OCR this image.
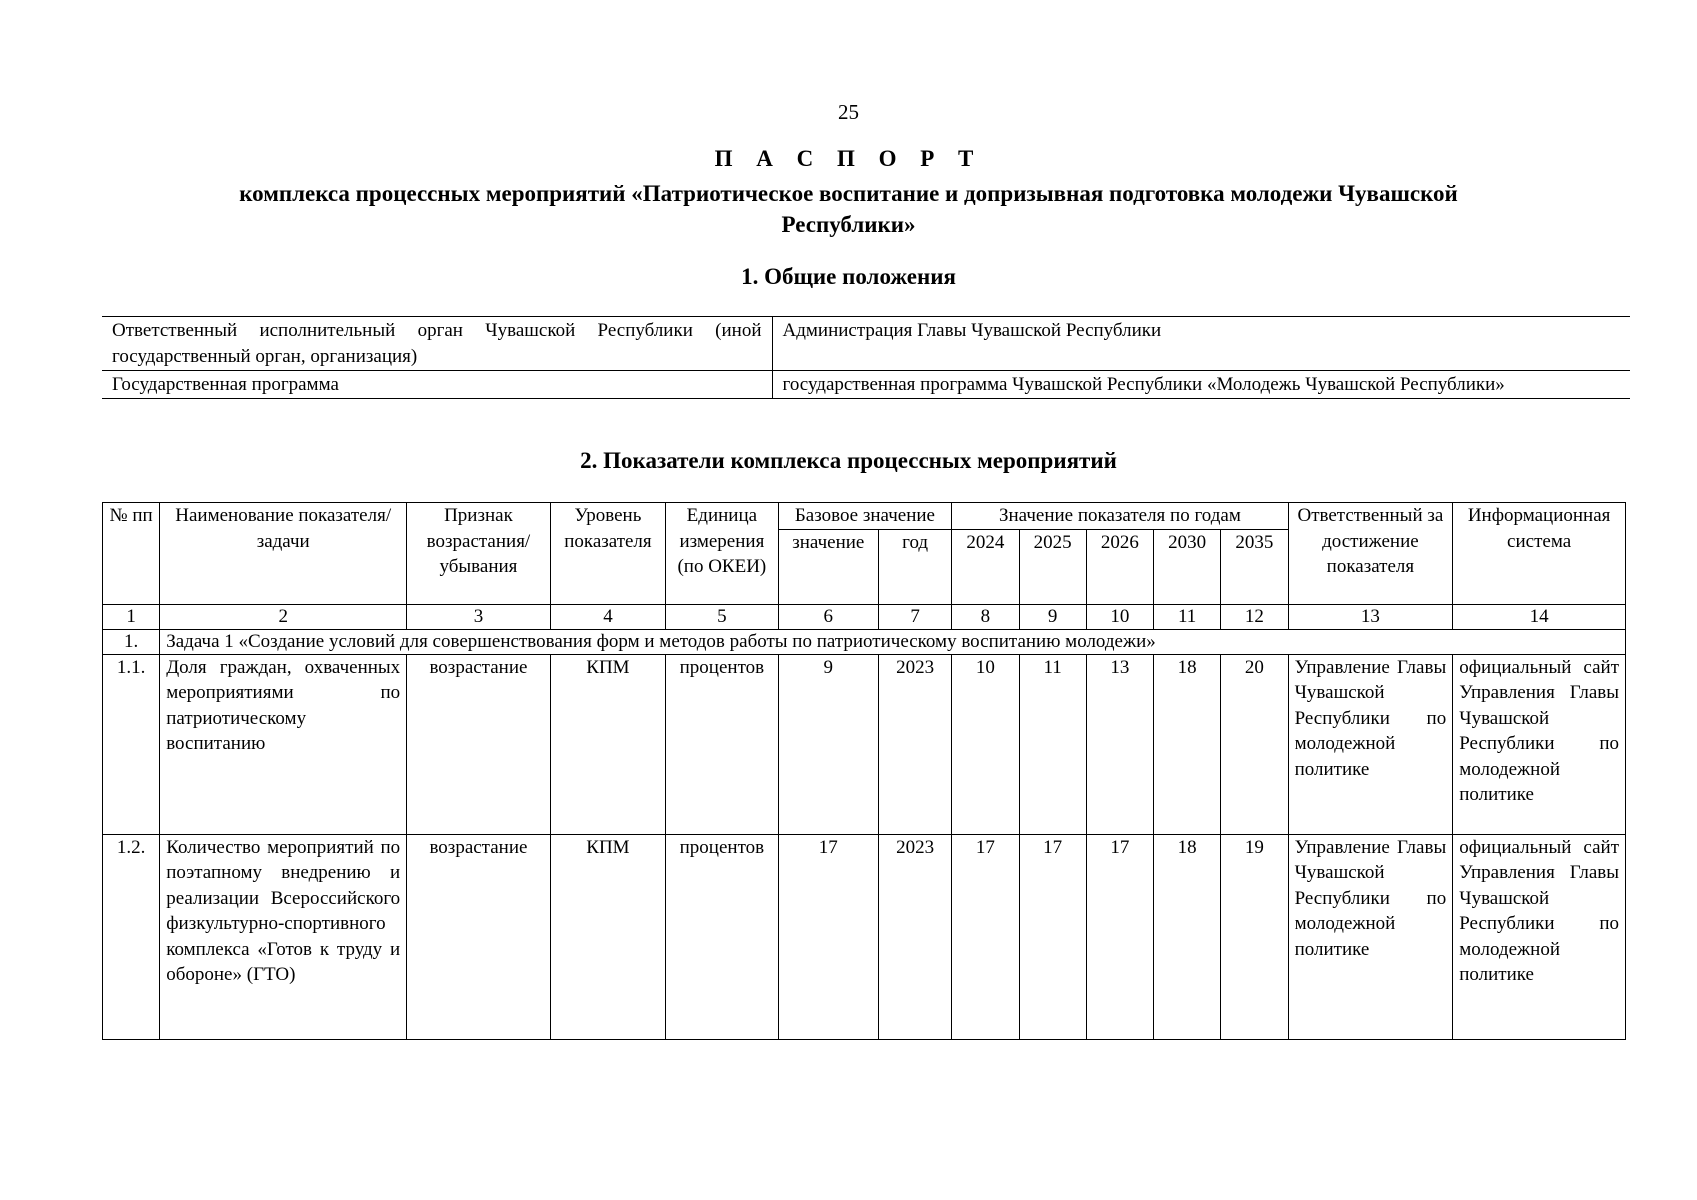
25
П А С П О Р Т
комплекса процессных мероприятий «Патриотическое воспитание и допризывная подготовка молодежи Чувашской Республики»
1. Общие положения
Ответственный исполнительный орган Чувашской Республики (иной государственный орган, организация)	Администрация Главы Чувашской Республики
Государственная программа	государственная программа Чувашской Республики «Молодежь Чувашской Республики»
2. Показатели комплекса процессных мероприятий
№ пп	Наименование показателя/задачи	Признак возрастания/убывания	Уровень показателя	Единица измерения (по ОКЕИ)	Базовое значение		Значение показателя по годам					Ответственный за достижение показателя	Информационная система
					значение	год	2024	2025	2026	2030	2035		
1	2	3	4	5	6	7	8	9	10	11	12	13	14
1.	Задача 1 «Создание условий для совершенствования форм и методов работы по патриотическому воспитанию молодежи»												
1.1.	Доля граждан, охваченных мероприятиями по патриотическому воспитанию	возрастание	КПМ	процентов	9	2023	10	11	13	18	20	Управление Главы Чувашской Республики по молодежной политике	официальный сайт Управления Главы Чувашской Республики по молодежной политике
1.2.	Количество мероприятий по поэтапному внедрению и реализации Всероссийского физкультурно-спортивного комплекса «Готов к труду и обороне» (ГТО)	возрастание	КПМ	процентов	17	2023	17	17	17	18	19	Управление Главы Чувашской Республики по молодежной политике	официальный сайт Управления Главы Чувашской Республики по молодежной политике
